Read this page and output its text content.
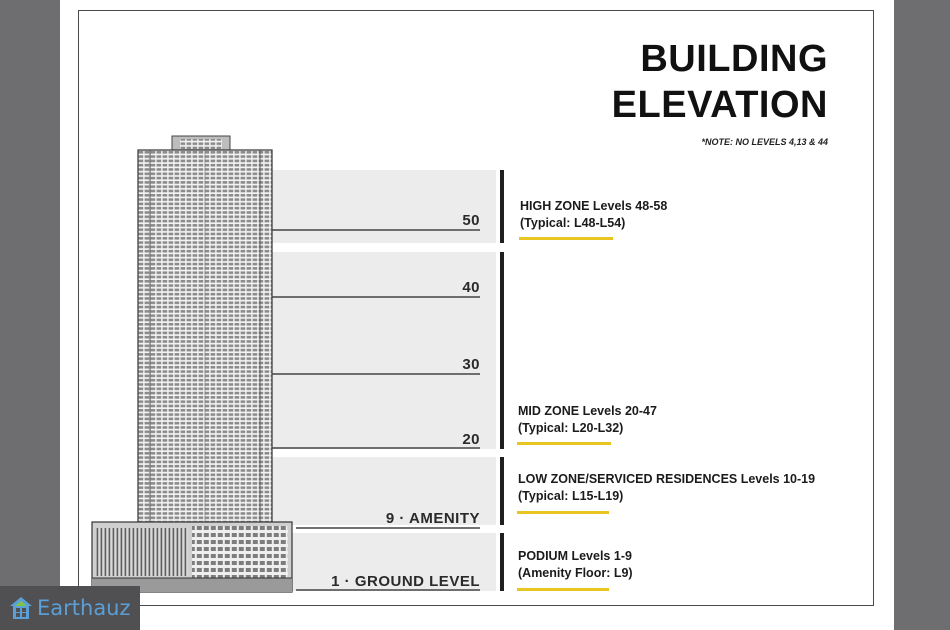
BUILDING
ELEVATION
*NOTE: NO LEVELS 4,13 & 44
50
40
30
20
9 · AMENITY
1 · GROUND LEVEL
HIGH ZONE Levels 48-58
(Typical: L48-L54)
MID ZONE Levels 20-47
(Typical: L20-L32)
LOW ZONE/SERVICED RESIDENCES Levels 10-19
(Typical: L15-L19)
PODIUM Levels 1-9
(Amenity Floor: L9)
Earthauz
